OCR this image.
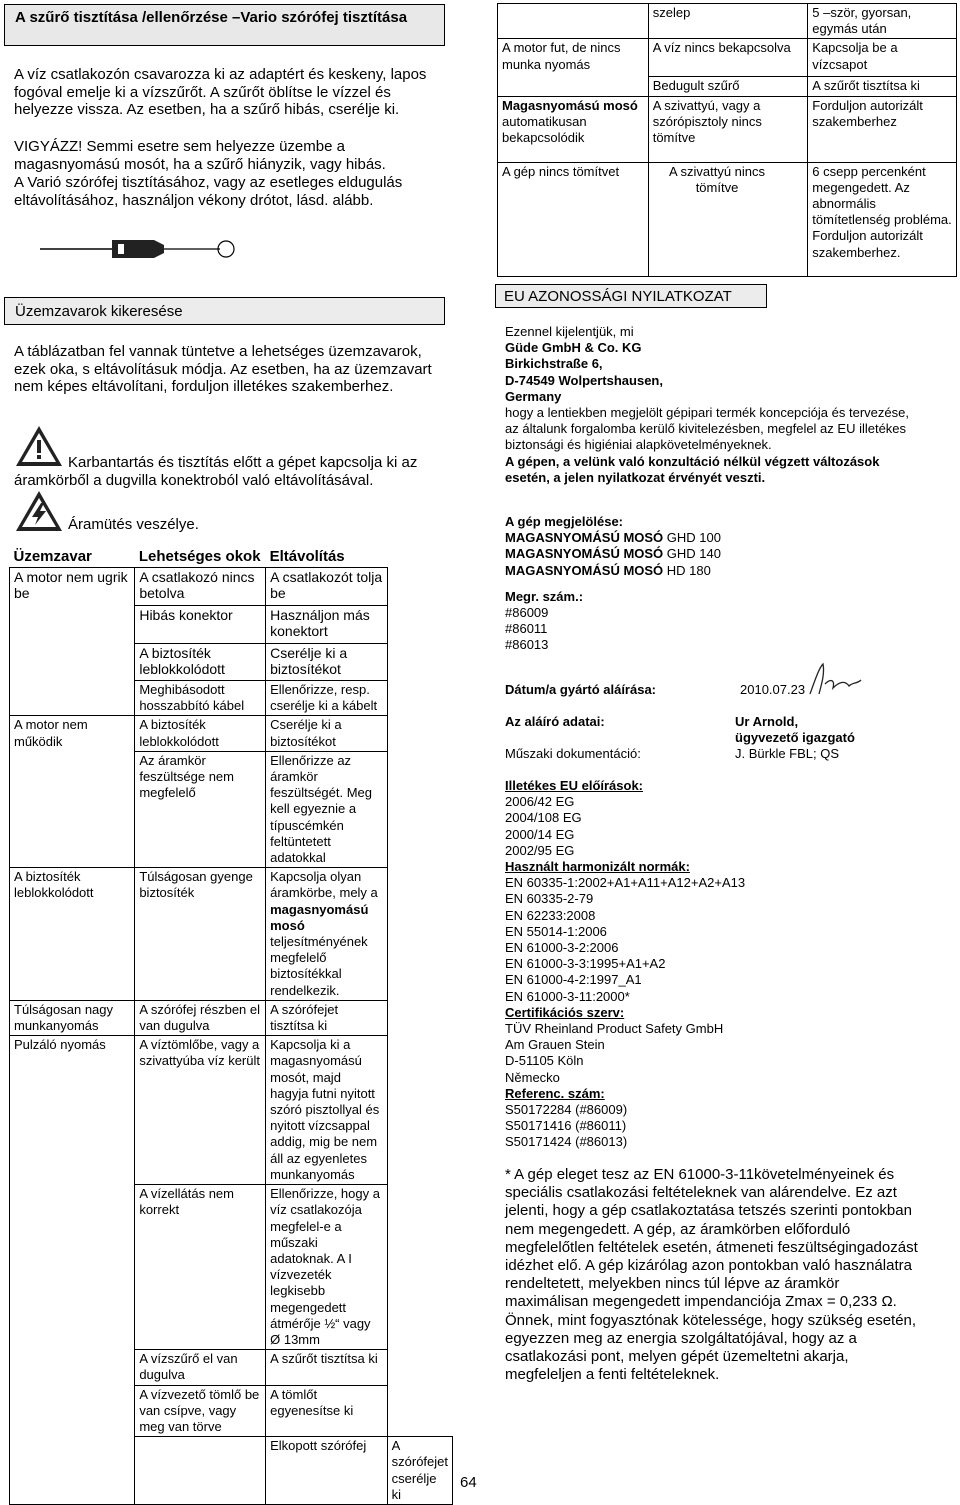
A szűrő tisztítása /ellenőrzése –Vario szórófej tisztítása
A víz csatlakozón csavarozza ki az adaptért és keskeny, lapos fogóval emelje ki a vízszűrőt. A szűrőt öblítse le vízzel és helyezze vissza. Az esetben, ha a szűrő hibás, cserélje ki.
VIGYÁZZ! Semmi esetre sem helyezze üzembe a magasnyomású mosót, ha a szűrő hiányzik, vagy hibás.
A Varió szórófej tisztításához, vagy az esetleges eldugulás eltávolításához, használjon vékony drótot, lásd. alább.
Üzemzavarok kikeresése
A táblázatban fel vannak tüntetve a lehetséges üzemzavarok, ezek oka, s eltávolításuk módja. Az esetben, ha az üzemzavart nem képes eltávolítani, forduljon illetékes szakemberhez.
Karbantartás és tisztítás előtt a gépet kapcsolja ki az áramkörből a dugvilla konektroból való eltávolításával.
Áramütés veszélye.
Üzemzavar	Lehetséges okok	Eltávolítás	
A motor nem ugrik be	A csatlakozó nincs betolva	A csatlakozót tolja be	
	Hibás konektor	Használjon más konektort	
	A biztosíték leblokkolódott	Cserélje ki a biztosítékot	
	Meghibásodott hosszabbító kábel	Ellenőrizze, resp. cserélje ki a kábelt	
A motor nem működik	A biztosíték leblokkolódott	Cserélje ki a biztosítékot	
	Az áramkör feszültsége nem megfelelő	Ellenőrizze az áramkör feszültségét. Meg kell egyeznie a típuscémkén feltüntetett adatokkal	
A biztosíték leblokkolódott	Túlságosan gyenge biztosíték	Kapcsolja olyan áramkörbe, mely a magasnyomású mosó teljesítményének megfelelő biztosítékkal rendelkezik.	
Túlságosan nagy munkanyomás	A szórófej részben el van dugulva	A szórófejet tisztítsa ki	
Pulzáló nyomás	A víztömlőbe, vagy a szivattyúba víz került	Kapcsolja ki a magasnyomású mosót, majd hagyja futni nyitott szóró pisztollyal és nyitott vízcsappal addig, mig be nem áll az egyenletes munkanyomás	
	A vízellátás nem korrekt	Ellenőrizze, hogy a víz csatlakozója megfelel-e a műszaki adatoknak. A I vízvezeték legkisebb megengedett átmérője ½“ vagy Ø 13mm	
	A vízszűrő el van dugulva	A szűrőt tisztítsa ki	
	A vízvezető tömlő be van csípve, vagy meg van törve	A tömlőt egyenesítse ki	
		Elkopott szórófej	A szórófejet cserélje ki
	szelep	5 –ször, gyorsan, egymás után
A motor fut, de nincs munka nyomás	A víz nincs bekapcsolva	Kapcsolja be a vízcsapot
	Bedugult szűrő	A szűrőt tisztítsa ki
Magasnyomású mosó automatikusan bekapcsolódik	A szivattyú, vagy a szórópisztoly nincs tömítve	Forduljon autorizált szakemberhez
A gép nincs tömítvet	A szivattyú nincs tömítve	6 csepp percenként megengedett. Az abnormális tömítetlenség probléma. Forduljon autorizált szakemberhez.
EU AZONOSSÁGI NYILATKOZAT
Ezennel kijelentjük, mi
Güde GmbH & Co. KG
Birkichstraße 6,
D-74549 Wolpertshausen,
Germany
hogy a lentiekben megjelölt gépipari termék koncepciója és tervezése, az általunk forgalomba kerülő kivitelezésben, megfelel az EU illetékes biztonsági és higiéniai alapkövetelményeknek.
A gépen, a velünk való konzultáció nélkül végzett változások esetén, a jelen nyilatkozat érvényét veszti.
A gép megjelölése:
MAGASNYOMÁSÚ MOSÓ GHD 100
MAGASNYOMÁSÚ MOSÓ GHD 140
MAGASNYOMÁSÚ MOSÓ HD 180
Megr. szám.:
#86009
#86011
#86013
Dátum/a gyártó aláírása:	2010.07.23
Az aláíró adatai:	Ur Arnold, ügyvezető igazgató
Műszaki dokumentáció:	J. Bürkle FBL; QS
Illetékes EU előírások:
2006/42 EG
2004/108 EG
2000/14 EG
2002/95 EG
Használt harmonizált normák:
EN 60335-1:2002+A1+A11+A12+A2+A13
EN 60335-2-79
EN 62233:2008
EN 55014-1:2006
EN 61000-3-2:2006
EN 61000-3-3:1995+A1+A2
EN 61000-4-2:1997_A1
EN 61000-3-11:2000*
Certifikációs szerv:
TÜV Rheinland Product Safety GmbH
Am Grauen Stein
D-51105 Köln
Německo
Referenc. szám:
S50172284 (#86009)
S50171416 (#86011)
S50171424 (#86013)
* A gép eleget tesz az EN 61000-3-11követelményeinek és speciális csatlakozási feltételeknek van alárendelve. Ez azt jelenti, hogy a gép csatlakoztatása tetszés szerinti pontokban nem megengedett. A gép, az áramkörben előforduló megfelelőtlen feltételek esetén, átmeneti feszültségingadozást idézhet elő. A gép kizárólag azon pontokban való használatra rendeltetett, melyekben nincs túl lépve az áramkör maximálisan megengedett impendanciója Zmax = 0,233 Ω. Önnek, mint fogyasztónak kötelessége, hogy szükség esetén, egyezzen meg az energia szolgáltatójával, hogy az a csatlakozási pont, melyen gépét üzemeltetni akarja, megfeleljen a fenti feltételeknek.
64
